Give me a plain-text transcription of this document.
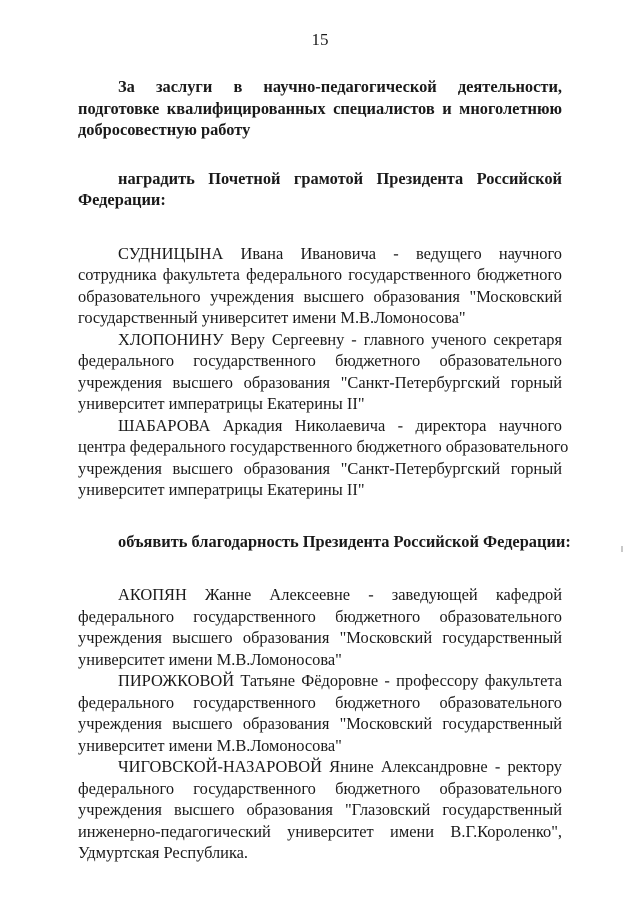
15
За заслуги в научно-педагогической деятельности,
подготовке квалифицированных специалистов и многолетнюю
добросовестную работу
наградить Почетной грамотой Президента Российской
Федерации:
СУДНИЦЫНА Ивана Ивановича - ведущего научного
сотрудника факультета федерального государственного бюджетного
образовательного учреждения высшего образования "Московский
государственный университет имени М.В.Ломоносова"
ХЛОПОНИНУ Веру Сергеевну - главного ученого секретаря
федерального государственного бюджетного образовательного
учреждения высшего образования "Санкт-Петербургский горный
университет императрицы Екатерины II"
ШАБАРОВА Аркадия Николаевича - директора научного
центра федерального государственного бюджетного образовательного
учреждения высшего образования "Санкт-Петербургский горный
университет императрицы Екатерины II"
объявить благодарность Президента Российской Федерации:
АКОПЯН Жанне Алексеевне - заведующей кафедрой
федерального государственного бюджетного образовательного
учреждения высшего образования "Московский государственный
университет имени М.В.Ломоносова"
ПИРОЖКОВОЙ Татьяне Фёдоровне - профессору факультета
федерального государственного бюджетного образовательного
учреждения высшего образования "Московский государственный
университет имени М.В.Ломоносова"
ЧИГОВСКОЙ-НАЗАРОВОЙ Янине Александровне - ректору
федерального государственного бюджетного образовательного
учреждения высшего образования "Глазовский государственный
инженерно-педагогический университет имени В.Г.Короленко",
Удмуртская Республика.
